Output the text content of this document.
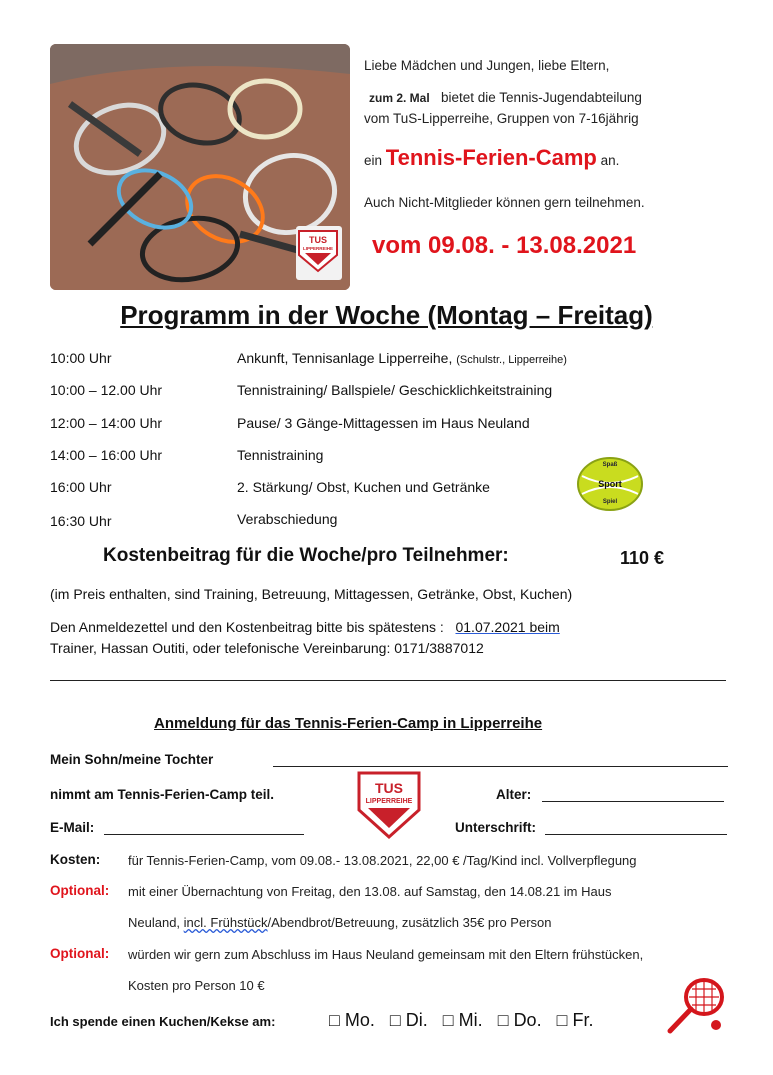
TUS
LIPPERREIHE
Liebe Mädchen und Jungen, liebe Eltern,
zum 2. Mal bietet die Tennis-Jugendabteilung
vom TuS-Lipperreihe, Gruppen von 7-16jährig
ein Tennis-Ferien-Camp an.
Auch Nicht-Mitglieder können gern teilnehmen.
vom 09.08. - 13.08.2021
Programm in der Woche (Montag – Freitag)
10:00 Uhr	Ankunft, Tennisanlage Lipperreihe, (Schulstr., Lipperreihe)
10:00 – 12.00 Uhr	Tennistraining/ Ballspiele/ Geschicklichkeitstraining
12:00 – 14:00 Uhr	Pause/ 3 Gänge-Mittagessen im Haus Neuland
14:00 – 16:00 Uhr	Tennistraining
16:00 Uhr	2. Stärkung/ Obst, Kuchen und Getränke
16:30 Uhr	Verabschiedung
Spaß
Sport
Spiel
Kostenbeitrag für die Woche/pro Teilnehmer:	110 €
(im Preis enthalten, sind Training, Betreuung, Mittagessen, Getränke, Obst, Kuchen)
Den Anmeldezettel und den Kostenbeitrag bitte bis spätestens : 01.07.2021 beim
Trainer, Hassan Outiti, oder telefonische Vereinbarung: 0171/3887012
Anmeldung für das Tennis-Ferien-Camp in Lipperreihe
Mein Sohn/meine Tochter
nimmt am Tennis-Ferien-Camp teil.	Alter:
TUS
LIPPERREIHE
E-Mail:	Unterschrift:
Kosten: für Tennis-Ferien-Camp, vom 09.08.- 13.08.2021, 22,00 € /Tag/Kind incl. Vollverpflegung
Optional: mit einer Übernachtung von Freitag, den 13.08. auf Samstag, den 14.08.21 im Haus
Neuland, incl. Frühstück/Abendbrot/Betreuung, zusätzlich 35€ pro Person
Optional: würden wir gern zum Abschluss im Haus Neuland gemeinsam mit den Eltern frühstücken,
Kosten pro Person 10 €
Ich spende einen Kuchen/Kekse am:	□ Mo. □ Di. □ Mi. □ Do. □ Fr.
